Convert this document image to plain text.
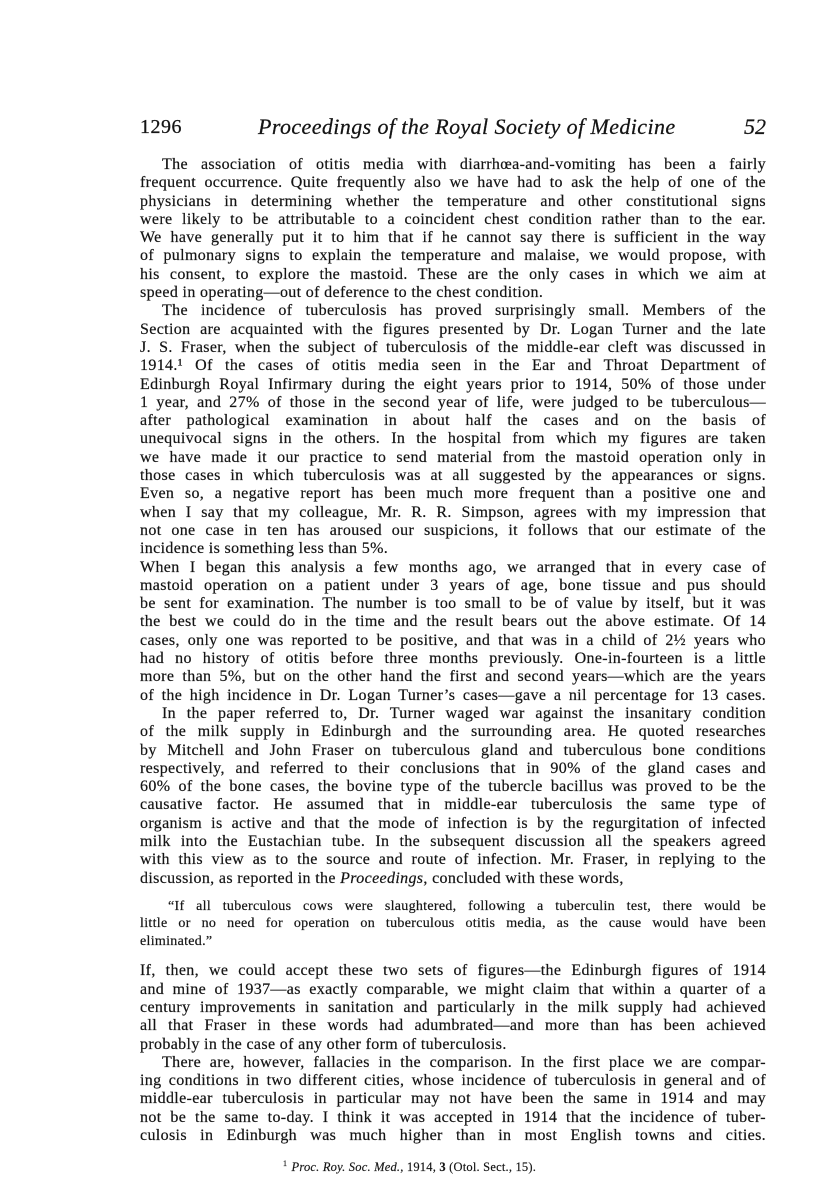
1296	Proceedings of the Royal Society of Medicine	52
The association of otitis media with diarrhœa-and-vomiting has been a fairly
frequent occurrence. Quite frequently also we have had to ask the help of one of the
physicians in determining whether the temperature and other constitutional signs
were likely to be attributable to a coincident chest condition rather than to the ear.
We have generally put it to him that if he cannot say there is sufficient in the way
of pulmonary signs to explain the temperature and malaise, we would propose, with
his consent, to explore the mastoid. These are the only cases in which we aim at
speed in operating—out of deference to the chest condition.
The incidence of tuberculosis has proved surprisingly small. Members of the
Section are acquainted with the figures presented by Dr. Logan Turner and the late
J. S. Fraser, when the subject of tuberculosis of the middle-ear cleft was discussed in
1914.¹ Of the cases of otitis media seen in the Ear and Throat Department of
Edinburgh Royal Infirmary during the eight years prior to 1914, 50% of those under
1 year, and 27% of those in the second year of life, were judged to be tuberculous—
after pathological examination in about half the cases and on the basis of
unequivocal signs in the others. In the hospital from which my figures are taken
we have made it our practice to send material from the mastoid operation only in
those cases in which tuberculosis was at all suggested by the appearances or signs.
Even so, a negative report has been much more frequent than a positive one and
when I say that my colleague, Mr. R. R. Simpson, agrees with my impression that
not one case in ten has aroused our suspicions, it follows that our estimate of the
incidence is something less than 5%.
When I began this analysis a few months ago, we arranged that in every case of
mastoid operation on a patient under 3 years of age, bone tissue and pus should
be sent for examination. The number is too small to be of value by itself, but it was
the best we could do in the time and the result bears out the above estimate. Of 14
cases, only one was reported to be positive, and that was in a child of 2½ years who
had no history of otitis before three months previously. One-in-fourteen is a little
more than 5%, but on the other hand the first and second years—which are the years
of the high incidence in Dr. Logan Turner’s cases—gave a nil percentage for 13 cases.
In the paper referred to, Dr. Turner waged war against the insanitary condition
of the milk supply in Edinburgh and the surrounding area. He quoted researches
by Mitchell and John Fraser on tuberculous gland and tuberculous bone conditions
respectively, and referred to their conclusions that in 90% of the gland cases and
60% of the bone cases, the bovine type of the tubercle bacillus was proved to be the
causative factor. He assumed that in middle-ear tuberculosis the same type of
organism is active and that the mode of infection is by the regurgitation of infected
milk into the Eustachian tube. In the subsequent discussion all the speakers agreed
with this view as to the source and route of infection. Mr. Fraser, in replying to the
discussion, as reported in the Proceedings, concluded with these words,
“If all tuberculous cows were slaughtered, following a tuberculin test, there would be
little or no need for operation on tuberculous otitis media, as the cause would have been
eliminated.”
If, then, we could accept these two sets of figures—the Edinburgh figures of 1914
and mine of 1937—as exactly comparable, we might claim that within a quarter of a
century improvements in sanitation and particularly in the milk supply had achieved
all that Fraser in these words had adumbrated—and more than has been achieved
probably in the case of any other form of tuberculosis.
There are, however, fallacies in the comparison. In the first place we are compar-
ing conditions in two different cities, whose incidence of tuberculosis in general and of
middle-ear tuberculosis in particular may not have been the same in 1914 and may
not be the same to-day. I think it was accepted in 1914 that the incidence of tuber-
culosis in Edinburgh was much higher than in most English towns and cities.
$^1$ Proc. Roy. Soc. Med., 1914, 3 (Otol. Sect., 15).
